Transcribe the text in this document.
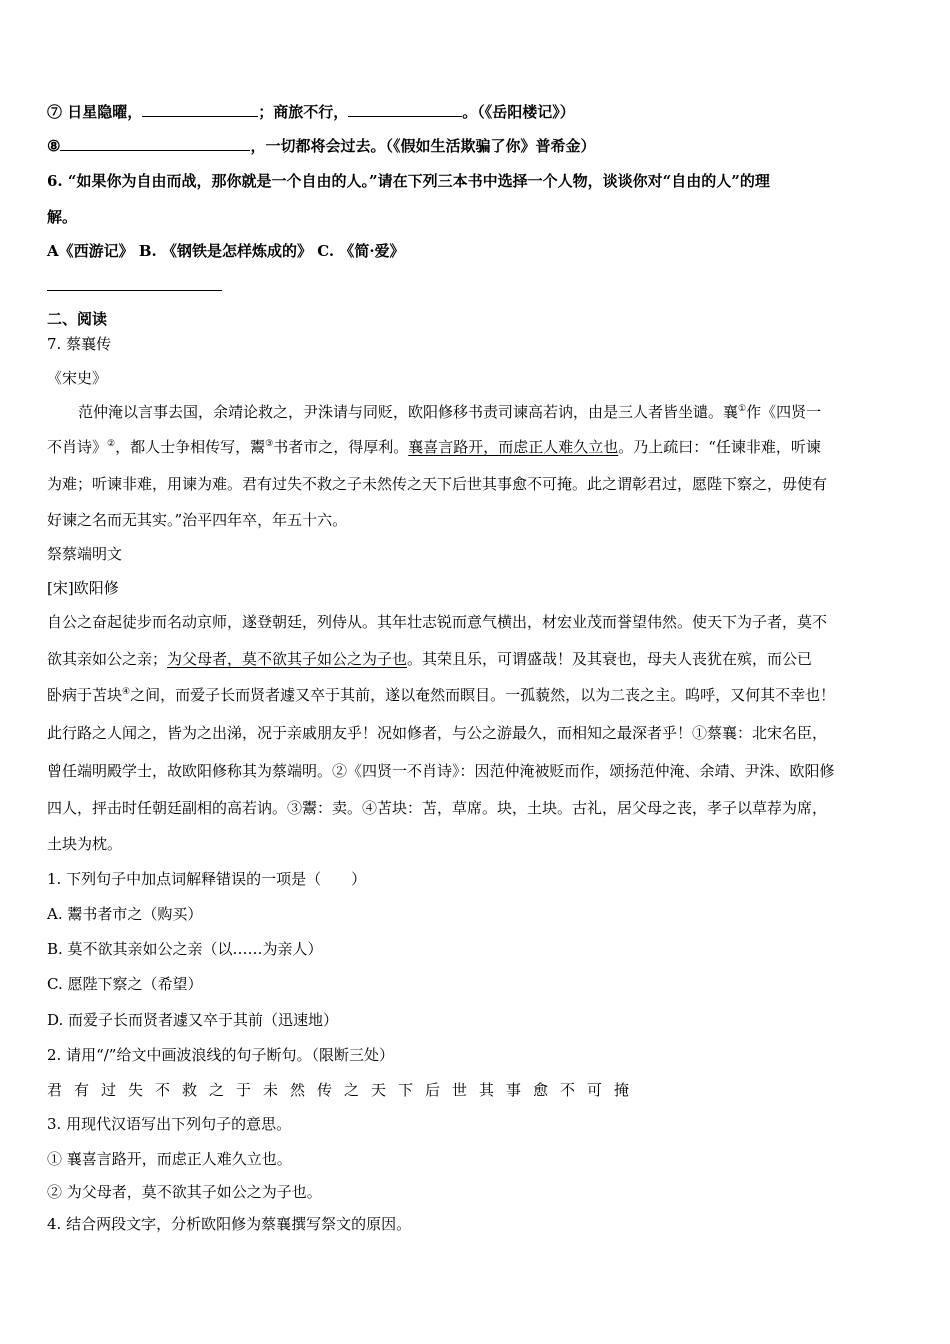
⑦ 日星隐曜，	；商旅不行，	。（《岳阳楼记》）
⑧	，一切都将会过去。（《假如生活欺骗了你》普希金）
6. “如果你为自由而战，那你就是一个自由的人。”请在下列三本书中选择一个人物，谈谈你对“自由的人”的理
解。
A《西游记》 B. 《钢铁是怎样炼成的》 C. 《简·爱》
二、阅读
7. 蔡襄传
《宋史》
范仲淹以言事去国，余靖论救之，尹洙请与同贬，欧阳修移书责司谏高若讷，由是三人者皆坐谴。襄①作《四贤一
不肖诗》②，都人士争相传写，鬻③书者市之，得厚利。襄喜言路开，而虑正人难久立也。乃上疏曰：“任谏非难，听谏
为难；听谏非难，用谏为难。君有过失不救之子未然传之天下后世其事愈不可掩。此之谓彰君过，愿陛下察之，毋使有
好谏之名而无其实。”治平四年卒，年五十六。
祭蔡端明文
[宋]欧阳修
自公之奋起徒步而名动京师，遂登朝廷，列侍从。其年壮志锐而意气横出，材宏业茂而誉望伟然。使天下为子者，莫不
欲其亲如公之亲；为父母者，莫不欲其子如公之为子也。其荣且乐，可谓盛哉！及其衰也，母夫人丧犹在殡，而公已
卧病于苫块④之间，而爱子长而贤者遽又卒于其前，遂以奄然而瞑目。一孤藐然，以为二丧之主。呜呼，又何其不幸也！
此行路之人闻之，皆为之出涕，况于亲戚朋友乎！况如修者，与公之游最久，而相知之最深者乎！①蔡襄：北宋名臣，
曾任端明殿学士，故欧阳修称其为蔡端明。②《四贤一不肖诗》：因范仲淹被贬而作，颂扬范仲淹、余靖、尹洙、欧阳修
四人，抨击时任朝廷副相的高若讷。③鬻：卖。④苫块：苫，草席。块，土块。古礼，居父母之丧，孝子以草荐为席，
土块为枕。
1. 下列句子中加点词解释错误的一项是（　　）
A. 鬻书者市之（购买）
B. 莫不欲其亲如公之亲（以……为亲人）
C. 愿陛下察之（希望）
D. 而爱子长而贤者遽又卒于其前（迅速地）
2. 请用“/”给文中画波浪线的句子断句。（限断三处）
君有过失不救之于未然传之天下后世其事愈不可掩
3. 用现代汉语写出下列句子的意思。
① 襄喜言路开，而虑正人难久立也。
② 为父母者，莫不欲其子如公之为子也。
4. 结合两段文字，分析欧阳修为蔡襄撰写祭文的原因。
